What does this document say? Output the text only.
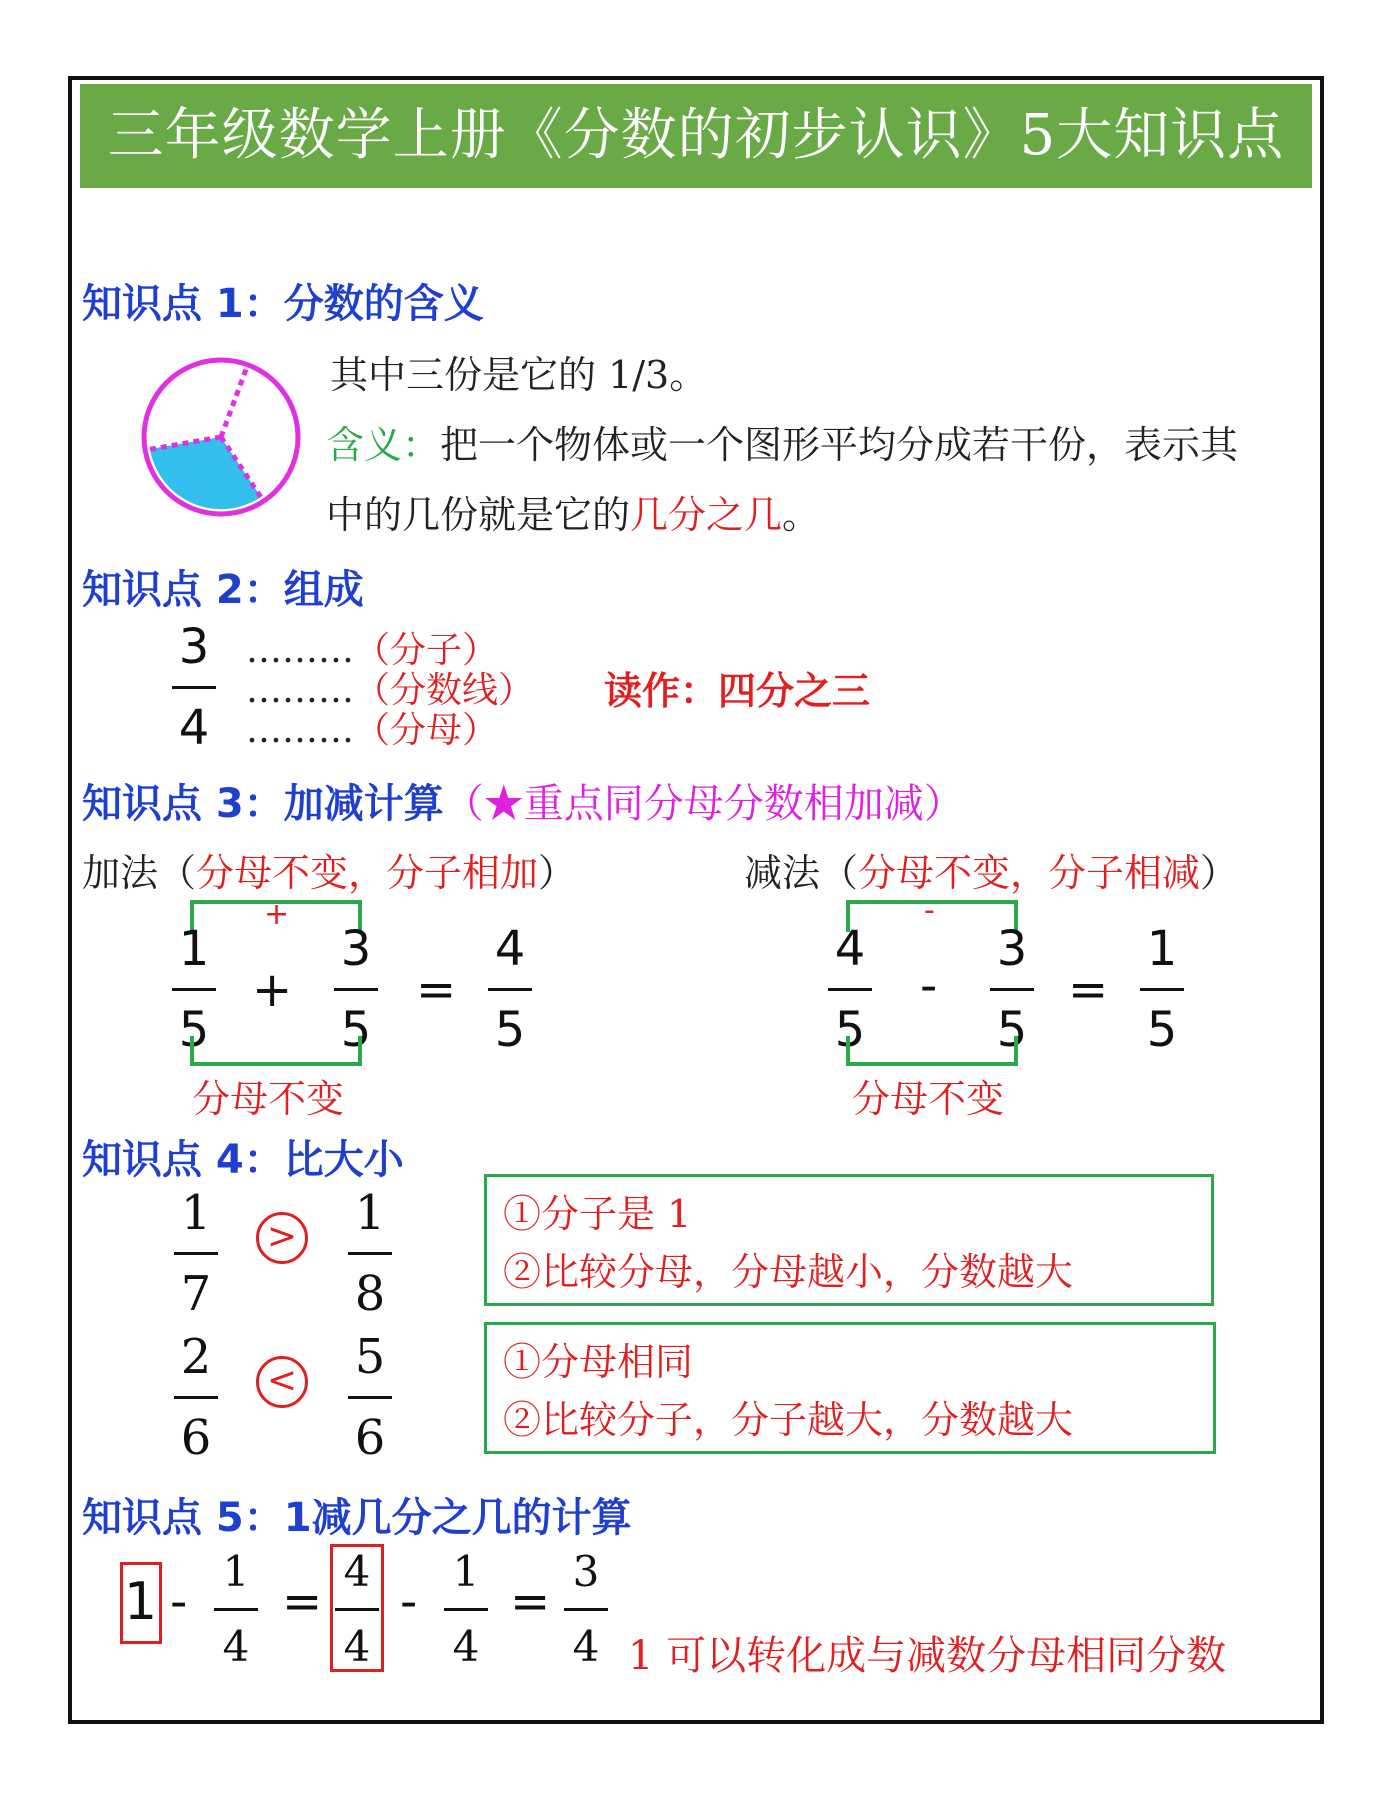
三年级数学上册《分数的初步认识》5大知识点
知识点 1：分数的含义
其中三份是它的 1/3。
含义：把一个物体或一个图形平均分成若干份，表示其
中的几份就是它的几分之几。
知识点 2：组成
3
4
………（分子）
………（分数线）
………（分母）
读作：四分之三
知识点 3：加减计算（★重点同分母分数相加减）
加法（分母不变，分子相加）	减法（分母不变，分子相减）
+
1
5
+
3
5
=
4
5
分母不变
-
4
5
-
3
5
=
1
5
分母不变
知识点 4：比大小
1
7
>	1
8
①分子是 1
②比较分母，分母越小，分数越大
2
6
<	5
6
①分母相同
②比较分子，分子越大，分数越大
知识点 5：1减几分之几的计算
1 -
1
4
=
4
4
-
1
4
=
3
4 1 可以转化成与减数分母相同分数
